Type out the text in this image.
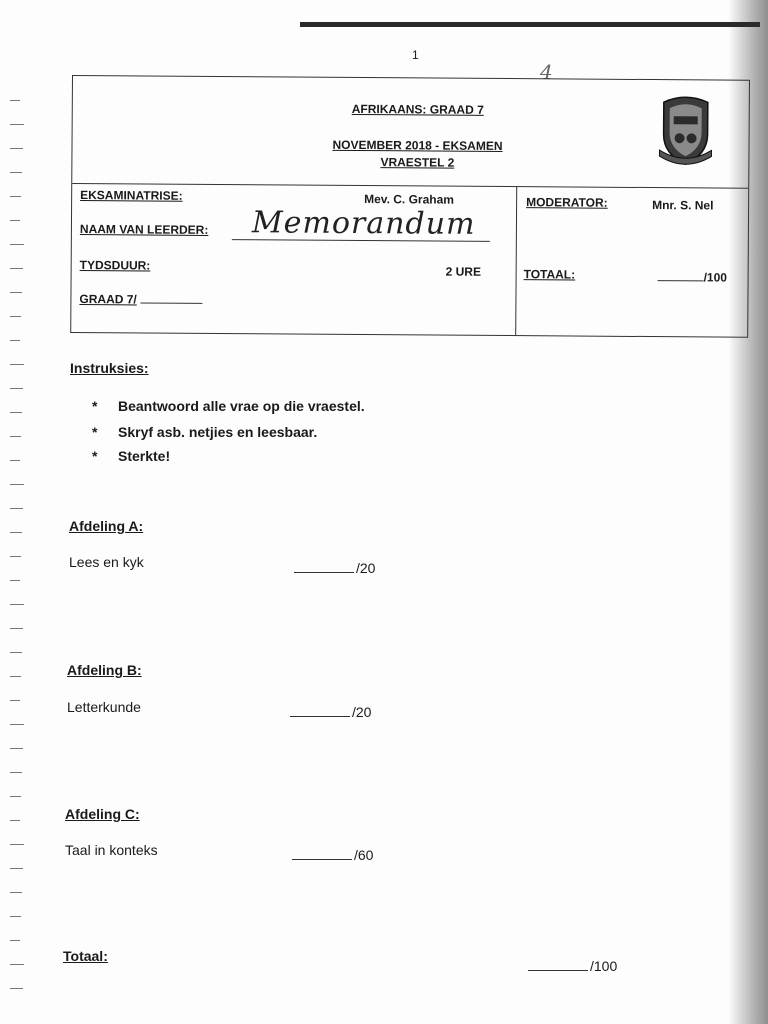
1
4
AFRIKAANS: GRAAD 7
NOVEMBER 2018 - EKSAMEN
VRAESTEL 2
EKSAMINATRISE:	Mev. C. Graham	MODERATOR:	Mnr. S. Nel
NAAM VAN LEERDER: Memorandum
TYDSDUUR:	2 URE	TOTAAL:	/100
GRAAD 7/
Instruksies:
* Beantwoord alle vrae op die vraestel.
* Skryf asb. netjies en leesbaar.
* Sterkte!
Afdeling A:
Lees en kyk	/20
Afdeling B:
Letterkunde	/20
Afdeling C:
Taal in konteks	/60
Totaal:
/100
